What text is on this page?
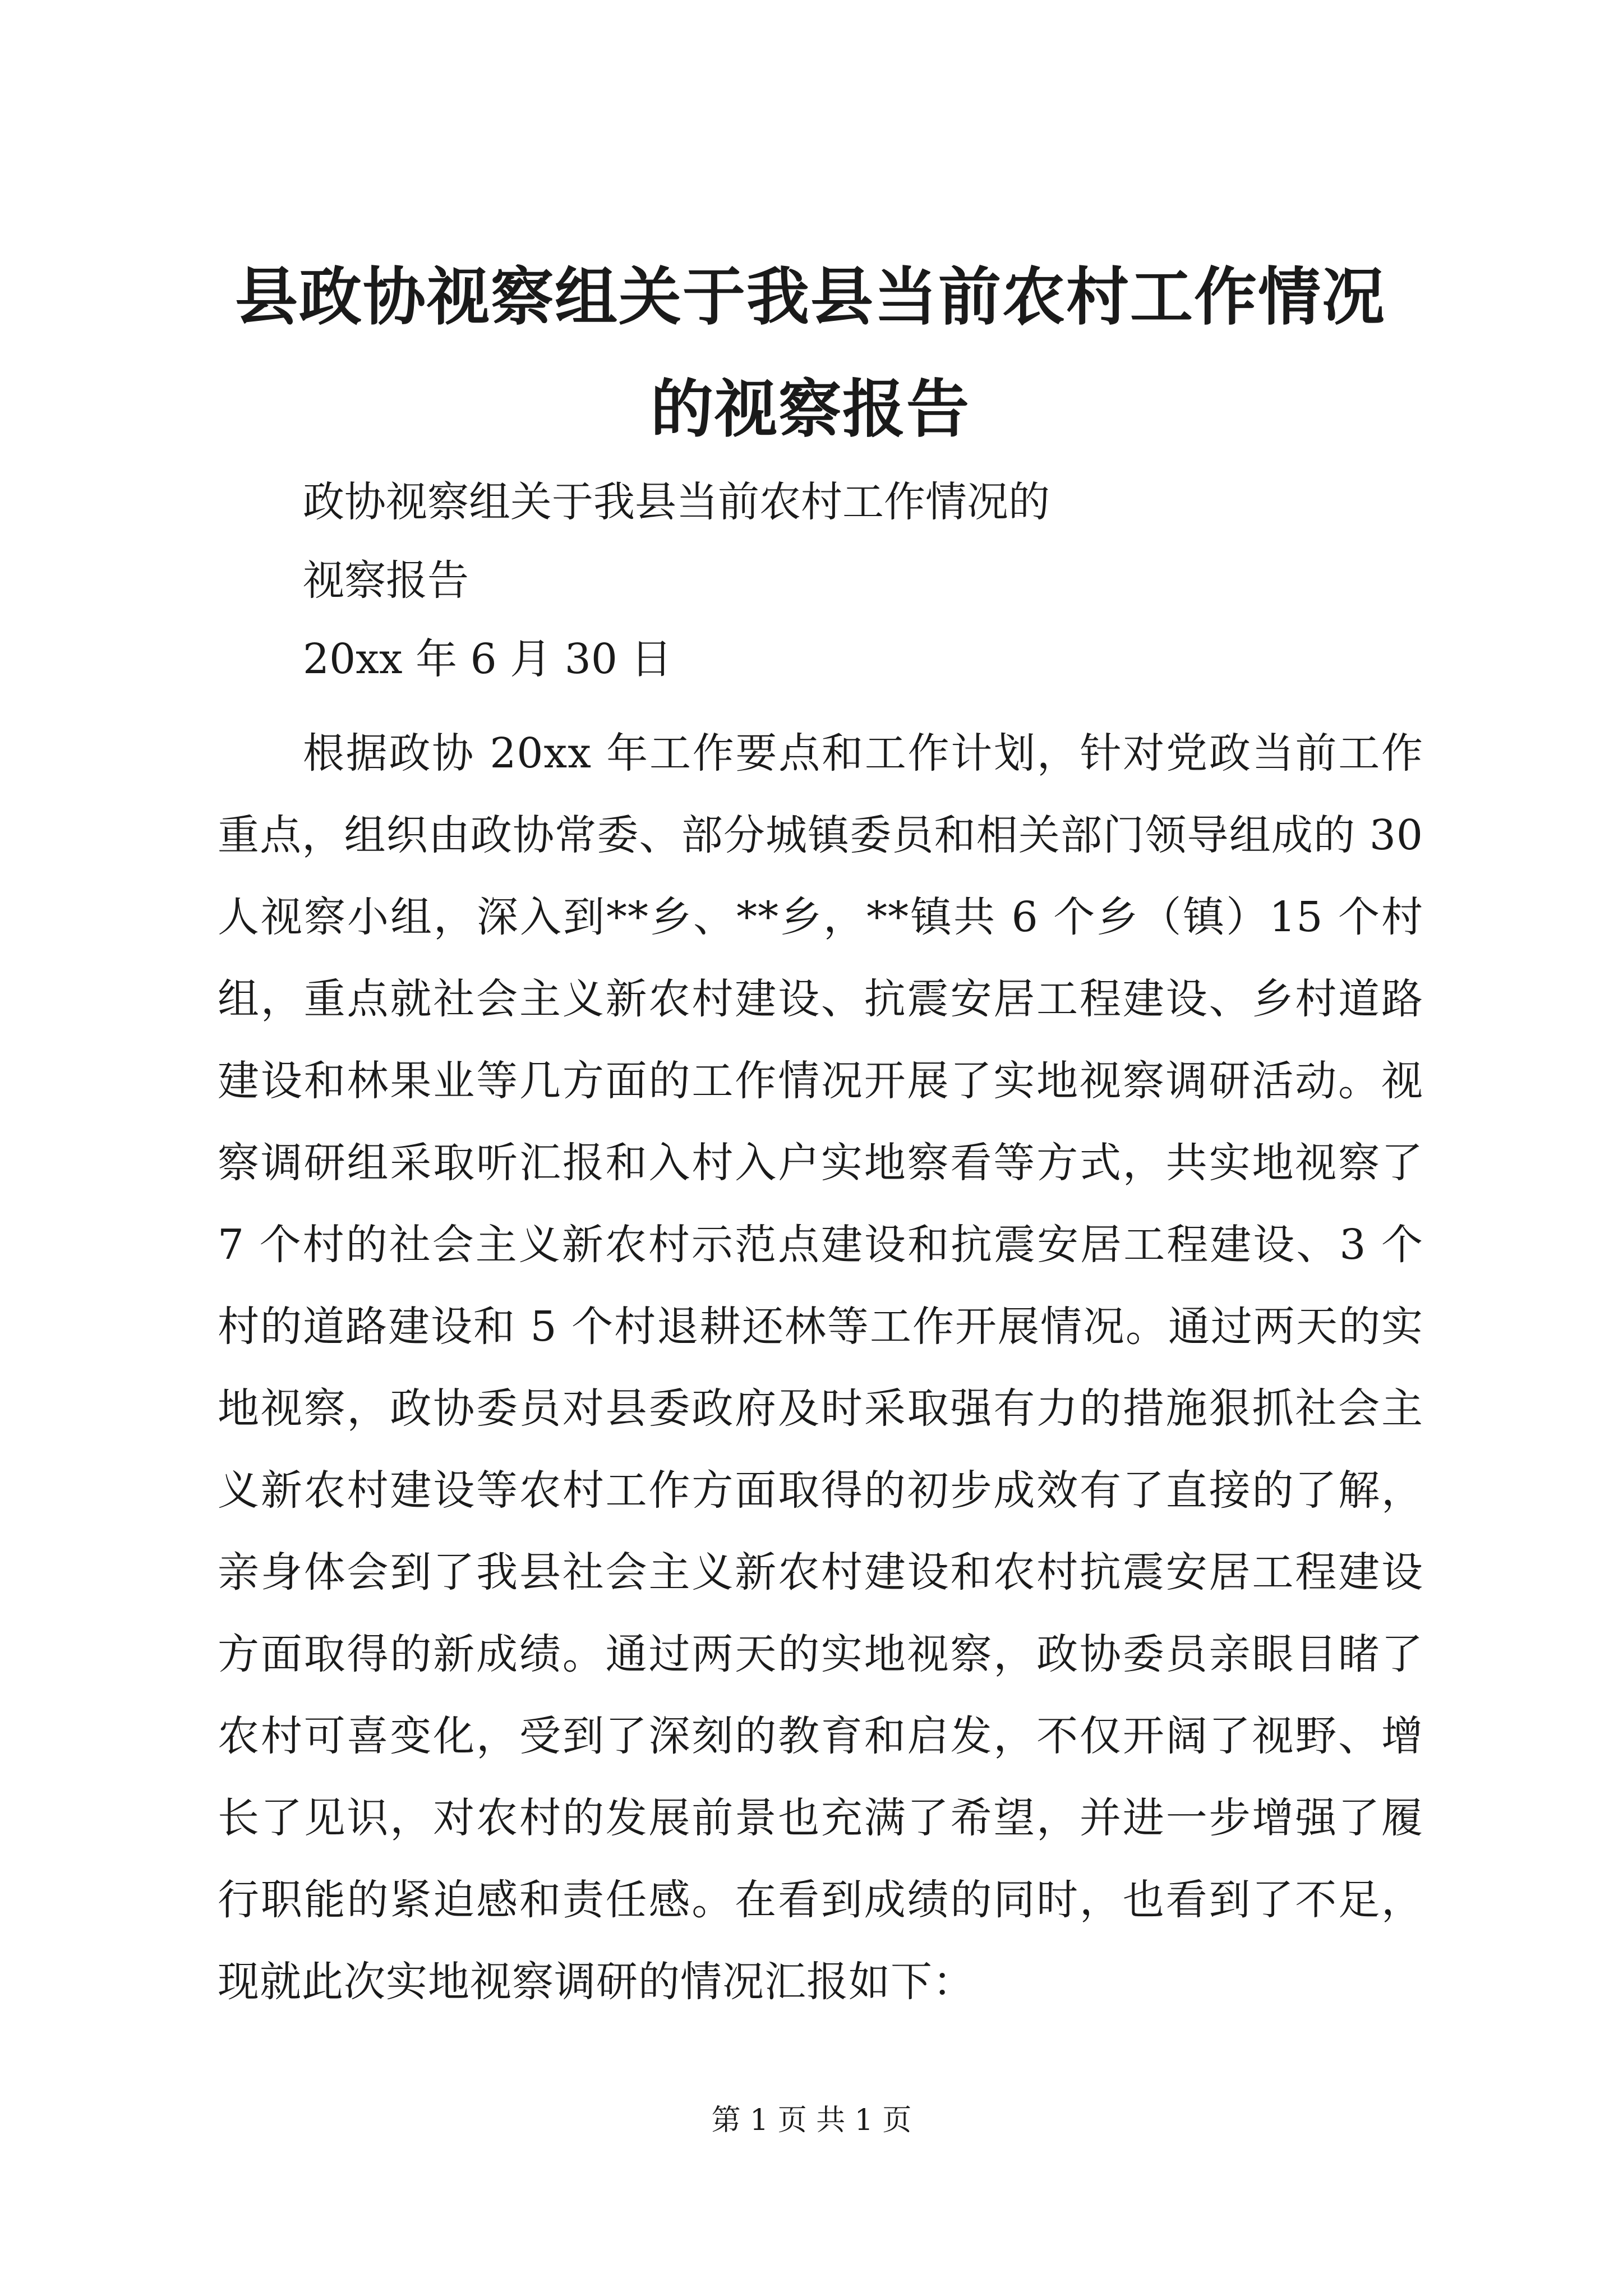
县政协视察组关于我县当前农村工作情况的视察报告

政协视察组关于我县当前农村工作情况的

视察报告

20xx 年 6 月 30 日

根据政协 20xx 年工作要点和工作计划，针对党政当前工作重点，组织由政协常委、部分城镇委员和相关部门领导组成的 30 人视察小组，深入到**乡、**乡，**镇共 6 个乡（镇）15 个村组，重点就社会主义新农村建设、抗震安居工程建设、乡村道路建设和林果业等几方面的工作情况开展了实地视察调研活动。视察调研组采取听汇报和入村入户实地察看等方式，共实地视察了 7 个村的社会主义新农村示范点建设和抗震安居工程建设、3 个村的道路建设和 5 个村退耕还林等工作开展情况。通过两天的实地视察，政协委员对县委政府及时采取强有力的措施狠抓社会主义新农村建设等农村工作方面取得的初步成效有了直接的了解，亲身体会到了我县社会主义新农村建设和农村抗震安居工程建设方面取得的新成绩。通过两天的实地视察，政协委员亲眼目睹了农村可喜变化，受到了深刻的教育和启发，不仅开阔了视野、增长了见识，对农村的发展前景也充满了希望，并进一步增强了履行职能的紧迫感和责任感。在看到成绩的同时，也看到了不足，现就此次实地视察调研的情况汇报如下：

第 1 页 共 1 页
